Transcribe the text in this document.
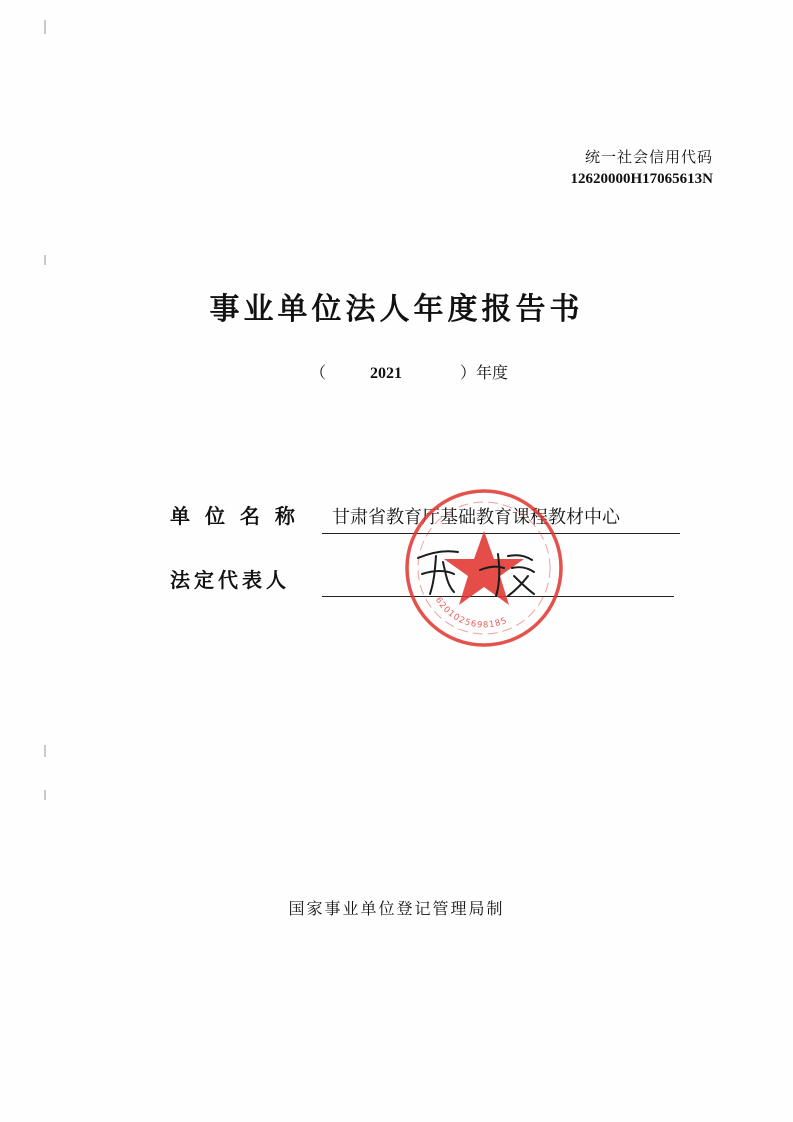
统一社会信用代码
12620000H17065613N
事业单位法人年度报告书
（	2021	）年度
单 位 名 称 甘肃省教育厅基础教育课程教材中心
法定代表人
6201025698185
国家事业单位登记管理局制
